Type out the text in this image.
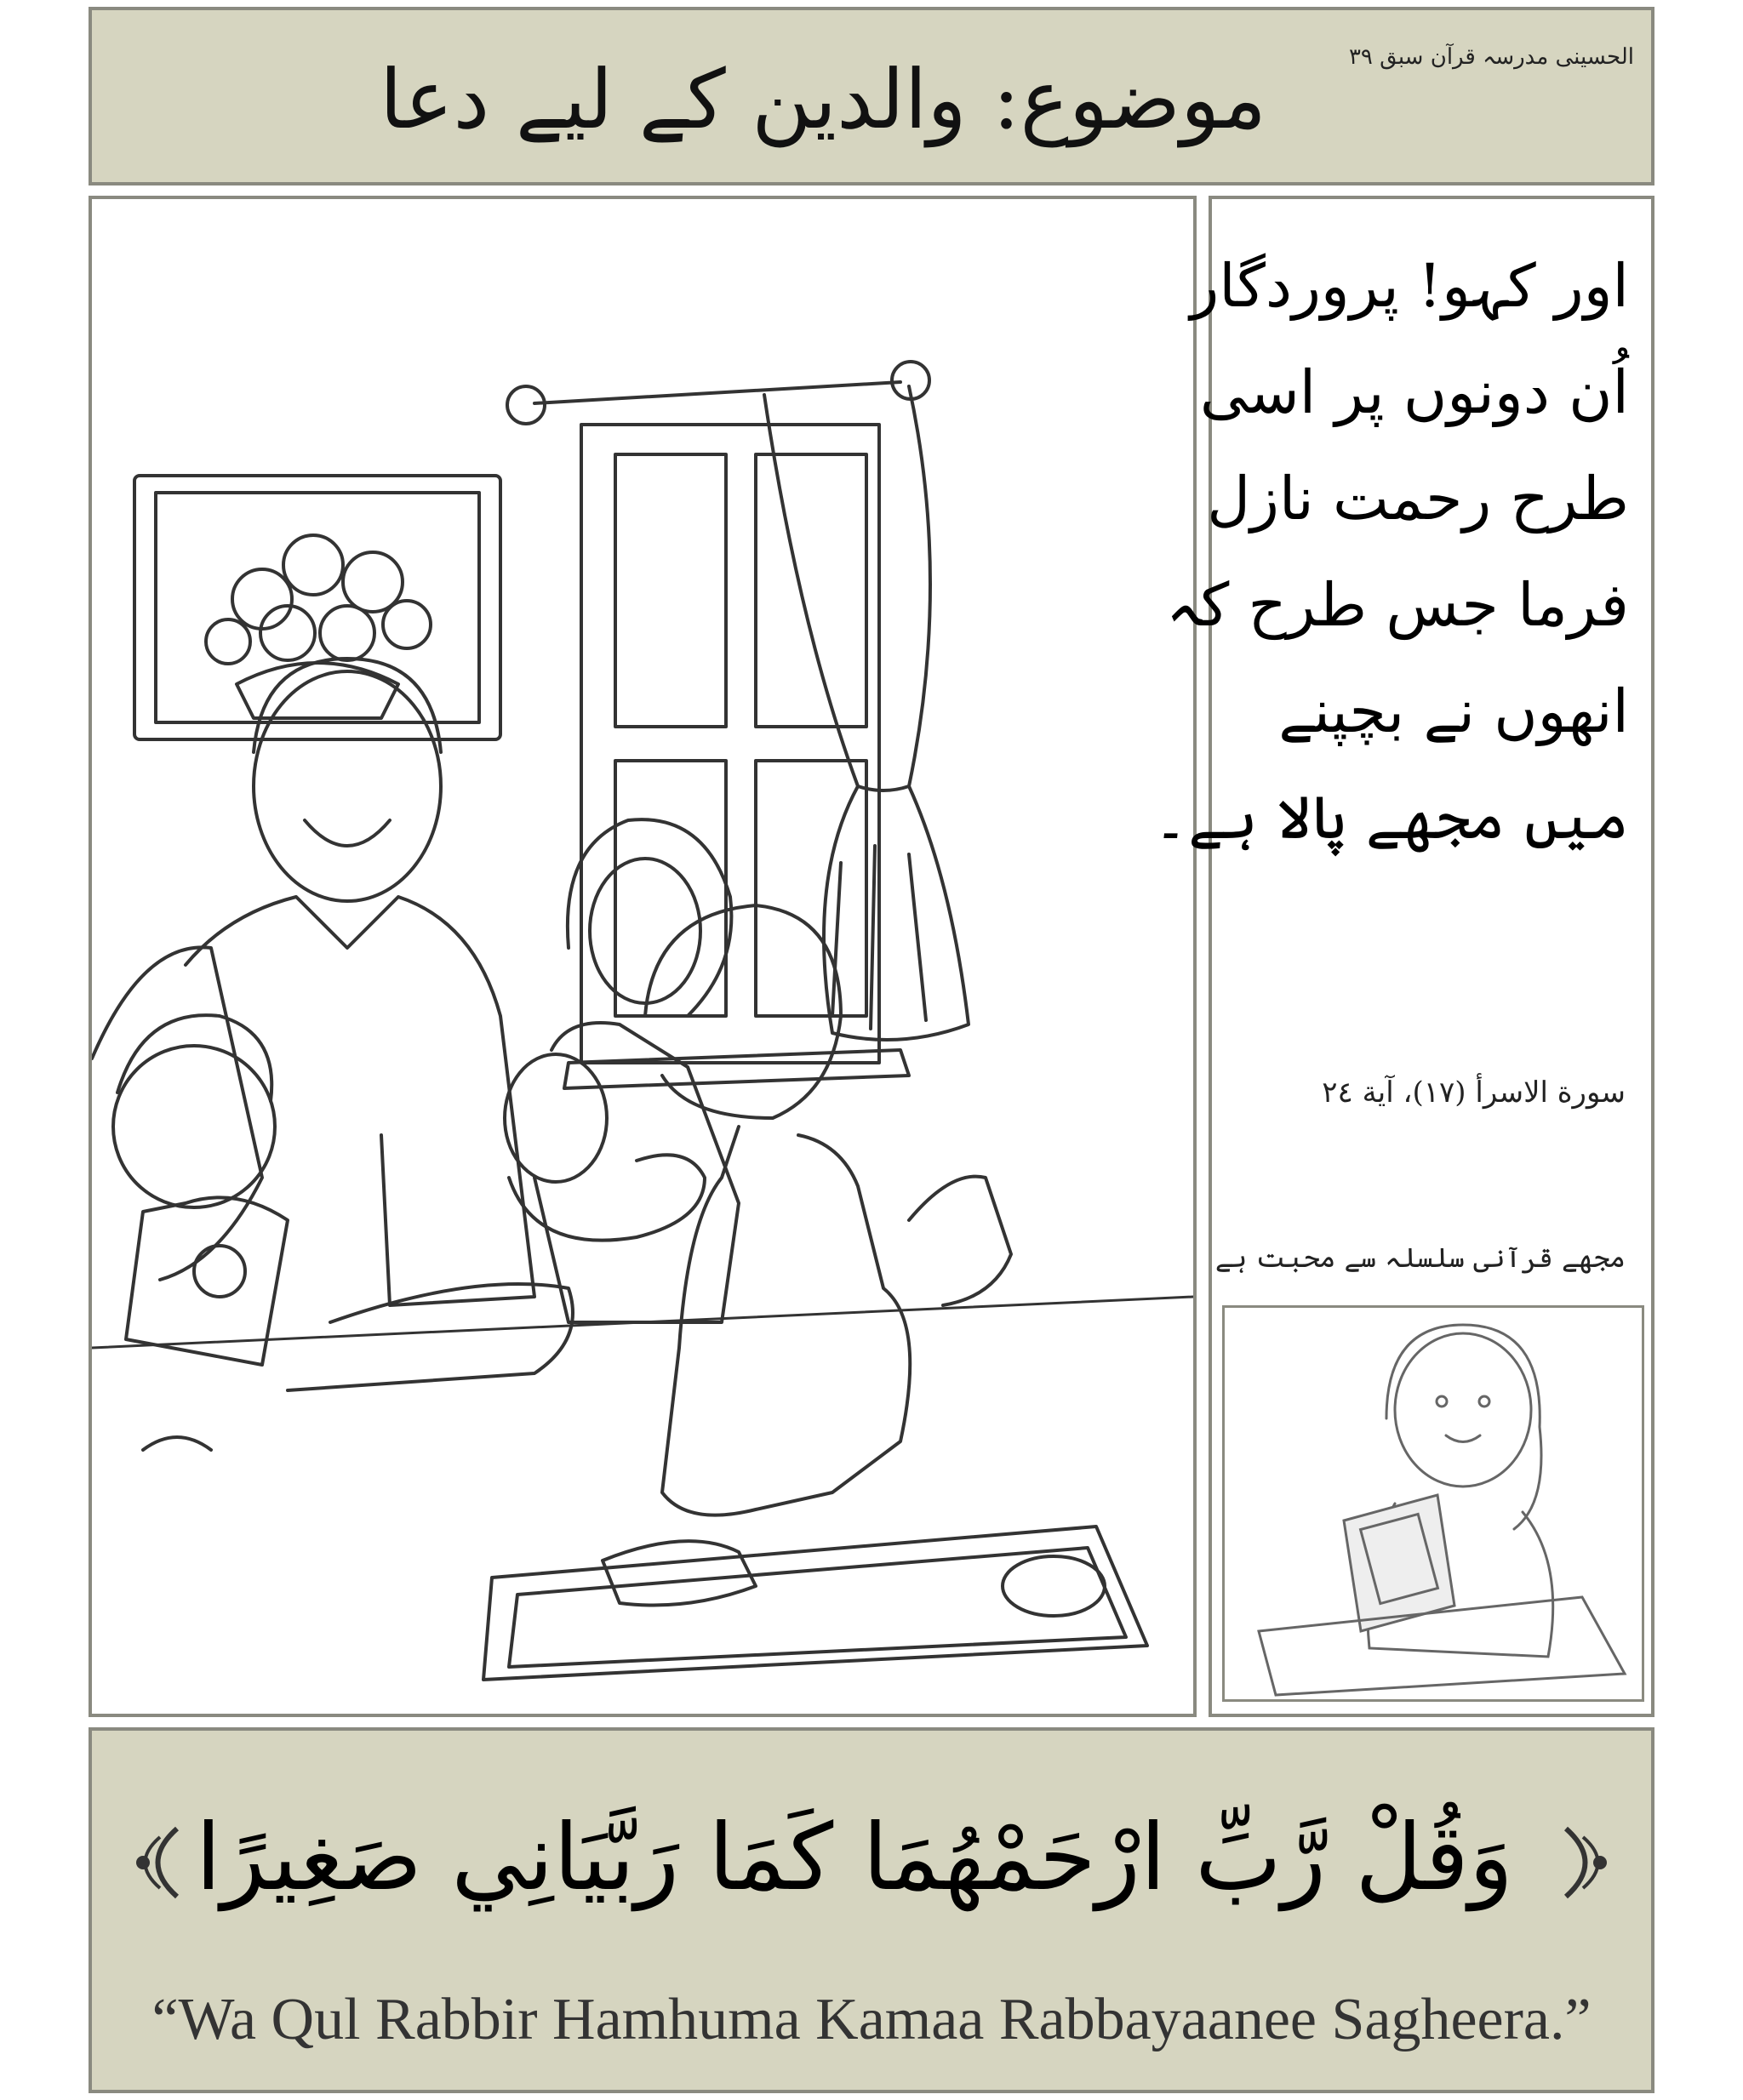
موضوع: والدین کے لیے دعا	الحسینی مدرسہ قرآن سبق ۳۹
اور کہو! پروردگار
اُن دونوں پر اسی
طرح رحمت نازل
فرما جس طرح کہ
انھوں نے بچپنے
میں مجھے پالا ہے۔
سورة الاسرأ (١٧)، آية ٢٤
مجھے قرآنی سلسلہ سے محبت ہے
وَقُلْ رَّبِّ ارْحَمْهُمَا كَمَا رَبَّيَانِي صَغِيرًا
“Wa Qul Rabbir Hamhuma Kamaa Rabbayaanee Sagheera.”
